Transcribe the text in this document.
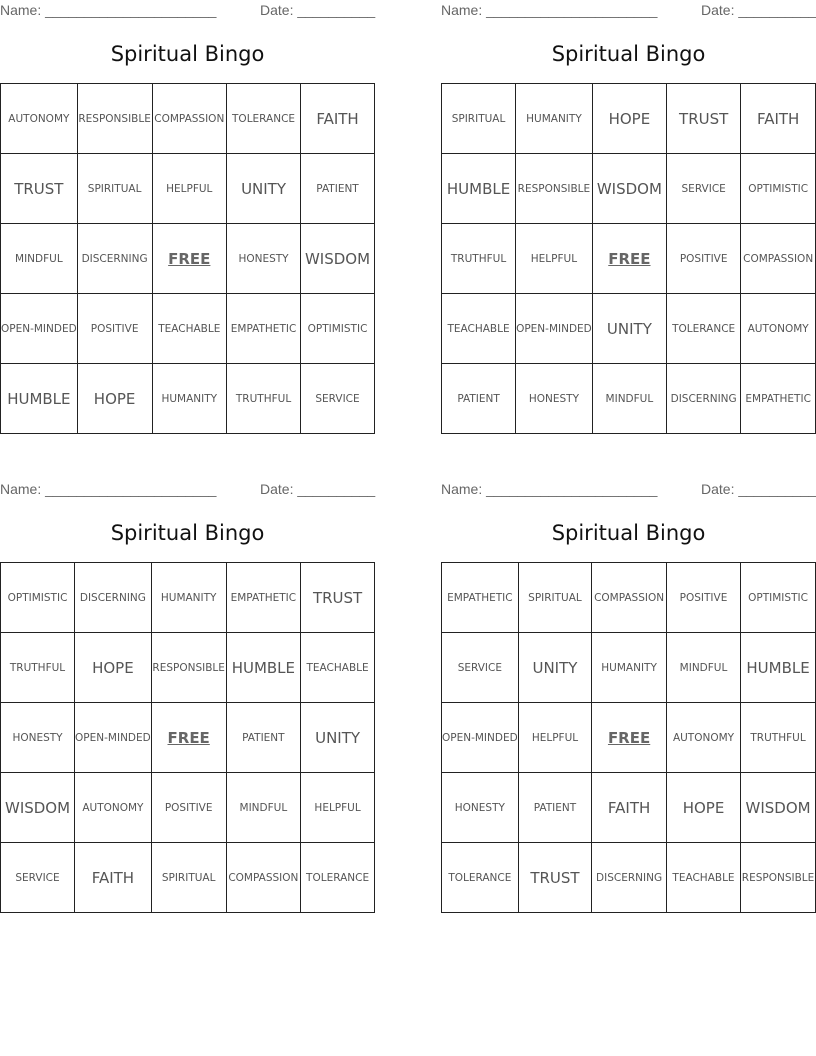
Name: ______________________	Date: __________
Spiritual Bingo
AUTONOMY	RESPONSIBLE	COMPASSION	TOLERANCE	FAITH
TRUST	SPIRITUAL	HELPFUL	UNITY	PATIENT
MINDFUL	DISCERNING	FREE	HONESTY	WISDOM
OPEN-MINDED	POSITIVE	TEACHABLE	EMPATHETIC	OPTIMISTIC
HUMBLE	HOPE	HUMANITY	TRUTHFUL	SERVICE
Name: ______________________	Date: __________
Spiritual Bingo
SPIRITUAL	HUMANITY	HOPE	TRUST	FAITH
HUMBLE	RESPONSIBLE	WISDOM	SERVICE	OPTIMISTIC
TRUTHFUL	HELPFUL	FREE	POSITIVE	COMPASSION
TEACHABLE	OPEN-MINDED	UNITY	TOLERANCE	AUTONOMY
PATIENT	HONESTY	MINDFUL	DISCERNING	EMPATHETIC
Name: ______________________	Date: __________
Spiritual Bingo
OPTIMISTIC	DISCERNING	HUMANITY	EMPATHETIC	TRUST
TRUTHFUL	HOPE	RESPONSIBLE	HUMBLE	TEACHABLE
HONESTY	OPEN-MINDED	FREE	PATIENT	UNITY
WISDOM	AUTONOMY	POSITIVE	MINDFUL	HELPFUL
SERVICE	FAITH	SPIRITUAL	COMPASSION	TOLERANCE
Name: ______________________	Date: __________
Spiritual Bingo
EMPATHETIC	SPIRITUAL	COMPASSION	POSITIVE	OPTIMISTIC
SERVICE	UNITY	HUMANITY	MINDFUL	HUMBLE
OPEN-MINDED	HELPFUL	FREE	AUTONOMY	TRUTHFUL
HONESTY	PATIENT	FAITH	HOPE	WISDOM
TOLERANCE	TRUST	DISCERNING	TEACHABLE	RESPONSIBLE
